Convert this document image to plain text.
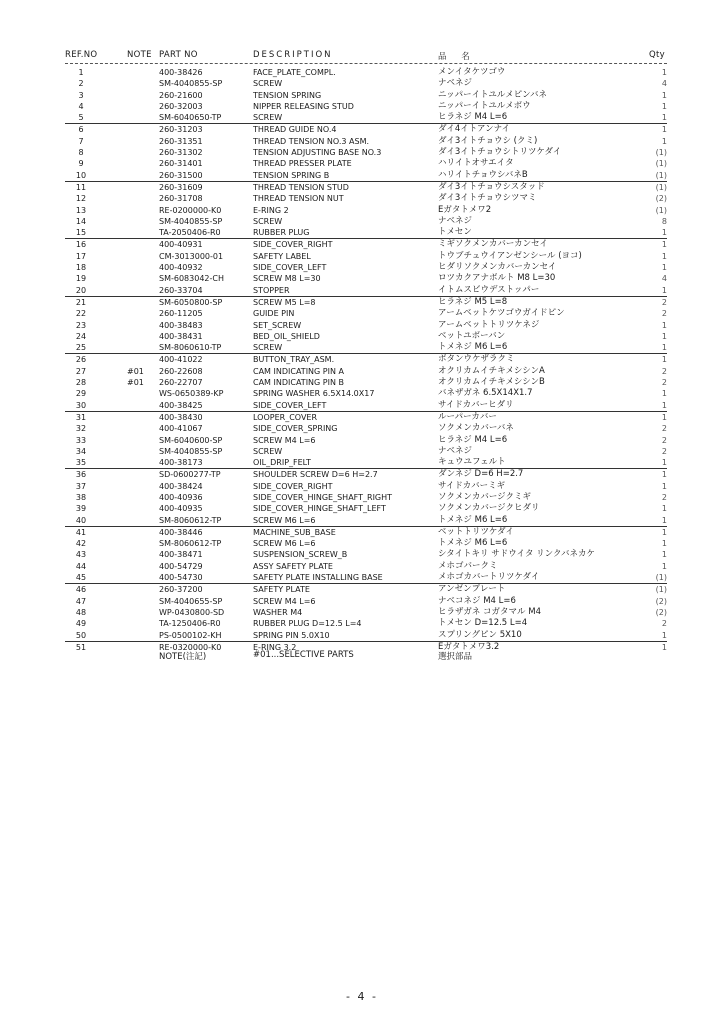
REF.NO	NOTE PART NO	DESCRIPTION	品 名	Qty
1	400-38426	FACE_PLATE_COMPL.	メンイタケツゴウ	1
2	SM-4040855-SP	SCREW	ナベネジ	4
3	260-21600	TENSION SPRING	ニッパーイトユルメピンバネ	1
4	260-32003	NIPPER RELEASING STUD	ニッパーイトユルメボウ	1
5	SM-6040650-TP	SCREW	ヒラネジ M4 L=6	1
6	260-31203	THREAD GUIDE NO.4	ダイ4イトアンナイ	1
7	260-31351	THREAD TENSION NO.3 ASM.	ダイ3イトチョウシ (クミ)	1
8	260-31302	TENSION ADJUSTING BASE NO.3	ダイ3イトチョウシトリツケダイ	(1)
9	260-31401	THREAD PRESSER PLATE	ハリイトオサエイタ	(1)
10	260-31500	TENSION SPRING B	ハリイトチョウシバネB	(1)
11	260-31609	THREAD TENSION STUD	ダイ3イトチョウシスタッド	(1)
12	260-31708	THREAD TENSION NUT	ダイ3イトチョウシツマミ	(2)
13	RE-0200000-K0	E-RING 2	Eガタトメワ2	(1)
14	SM-4040855-SP	SCREW	ナベネジ	8
15	TA-2050406-R0	RUBBER PLUG	トメセン	1
16	400-40931	SIDE_COVER_RIGHT	ミギソクメンカバーカンセイ	1
17	CM-3013000-01	SAFETY LABEL	トウブチュウイアンゼンシール (ヨコ)	1
18	400-40932	SIDE_COVER_LEFT	ヒダリソクメンカバーカンセイ	1
19	SM-6083042-CH	SCREW M8 L=30	ロツカクアナボルト M8 L=30	4
20	260-33704	STOPPER	イトムスビウデストッパー	1
21	SM-6050800-SP	SCREW M5 L=8	ヒラネジ M5 L=8	2
22	260-11205	GUIDE PIN	アームベットケツゴウガイドピン	2
23	400-38483	SET_SCREW	アームベットトリツケネジ	1
24	400-38431	BED_OIL_SHIELD	ベットユボーバン	1
25	SM-8060610-TP	SCREW	トメネジ M6 L=6	1
26	400-41022	BUTTON_TRAY_ASM.	ボタンウケザラクミ	1
27	#01 260-22608	CAM INDICATING PIN A	オクリカムイチキメシシンA	2
28	#01 260-22707	CAM INDICATING PIN B	オクリカムイチキメシシンB	2
29	WS-0650389-KP	SPRING WASHER 6.5X14.0X17	バネザガネ 6.5X14X1.7	1
30	400-38425	SIDE_COVER_LEFT	サイドカバーヒダリ	1
31	400-38430	LOOPER_COVER	ルーパーカバー	1
32	400-41067	SIDE_COVER_SPRING	ソクメンカバーバネ	2
33	SM-6040600-SP	SCREW M4 L=6	ヒラネジ M4 L=6	2
34	SM-4040855-SP	SCREW	ナベネジ	2
35	400-38173	OIL_DRIP_FELT	キュウユフェルト	1
36	SD-0600277-TP	SHOULDER SCREW D=6 H=2.7	ダンネジ D=6 H=2.7	1
37	400-38424	SIDE_COVER_RIGHT	サイドカバーミギ	1
38	400-40936	SIDE_COVER_HINGE_SHAFT_RIGHT	ソクメンカバージクミギ	2
39	400-40935	SIDE_COVER_HINGE_SHAFT_LEFT	ソクメンカバージクヒダリ	1
40	SM-8060612-TP	SCREW M6 L=6	トメネジ M6 L=6	1
41	400-38446	MACHINE_SUB_BASE	ベットトリツケダイ	1
42	SM-8060612-TP	SCREW M6 L=6	トメネジ M6 L=6	1
43	400-38471	SUSPENSION_SCREW_B	シタイトキリ サドウイタ リンクバネカケ	1
44	400-54729	ASSY SAFETY PLATE	メホゴバークミ	1
45	400-54730	SAFETY PLATE INSTALLING BASE	メホゴカバートリツケダイ	(1)
46	260-37200	SAFETY PLATE	アンゼンプレート	(1)
47	SM-4040655-SP	SCREW M4 L=6	ナベコネジ M4 L=6	(2)
48	WP-0430800-SD	WASHER M4	ヒラザガネ コガタマル M4	(2)
49	TA-1250406-R0	RUBBER PLUG D=12.5 L=4	トメセン D=12.5 L=4	2
50	PS-0500102-KH	SPRING PIN 5.0X10	スプリングピン 5X10	1
51	RE-0320000-K0	E-RING 3.2	Eガタトメワ3.2	1
NOTE(注記)	#01...SELECTIVE PARTS	選択部品
- 4 -
